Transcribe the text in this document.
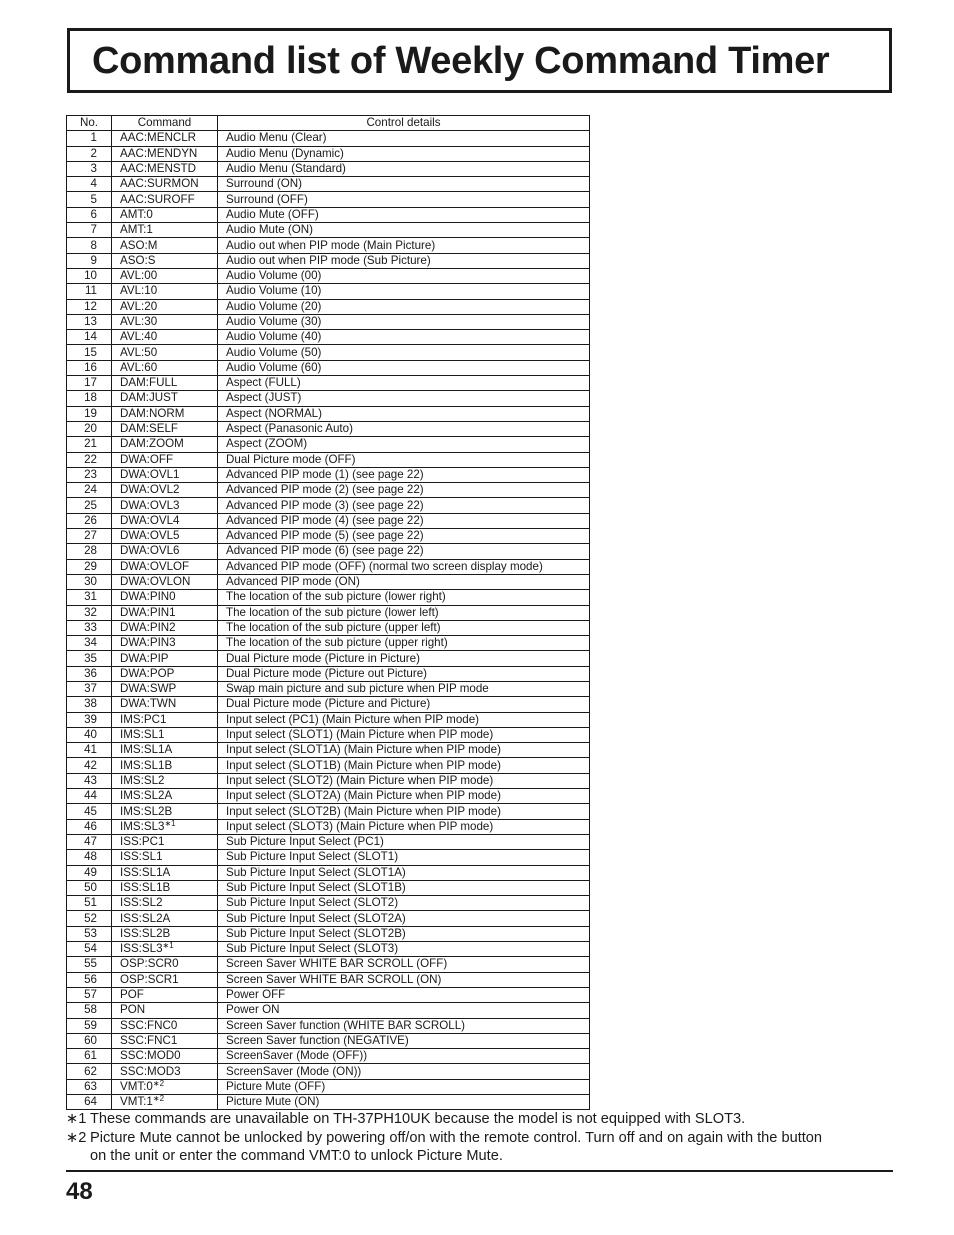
Command list of Weekly Command Timer
No.	Command	Control details
1	AAC:MENCLR	Audio Menu (Clear)
2	AAC:MENDYN	Audio Menu (Dynamic)
3	AAC:MENSTD	Audio Menu (Standard)
4	AAC:SURMON	Surround (ON)
5	AAC:SUROFF	Surround (OFF)
6	AMT:0	Audio Mute (OFF)
7	AMT:1	Audio Mute (ON)
8	ASO:M	Audio out when PIP mode (Main Picture)
9	ASO:S	Audio out when PIP mode (Sub Picture)
10	AVL:00	Audio Volume (00)
11	AVL:10	Audio Volume (10)
12	AVL:20	Audio Volume (20)
13	AVL:30	Audio Volume (30)
14	AVL:40	Audio Volume (40)
15	AVL:50	Audio Volume (50)
16	AVL:60	Audio Volume (60)
17	DAM:FULL	Aspect (FULL)
18	DAM:JUST	Aspect (JUST)
19	DAM:NORM	Aspect (NORMAL)
20	DAM:SELF	Aspect (Panasonic Auto)
21	DAM:ZOOM	Aspect (ZOOM)
22	DWA:OFF	Dual Picture mode (OFF)
23	DWA:OVL1	Advanced PIP mode (1) (see page 22)
24	DWA:OVL2	Advanced PIP mode (2) (see page 22)
25	DWA:OVL3	Advanced PIP mode (3) (see page 22)
26	DWA:OVL4	Advanced PIP mode (4) (see page 22)
27	DWA:OVL5	Advanced PIP mode (5) (see page 22)
28	DWA:OVL6	Advanced PIP mode (6) (see page 22)
29	DWA:OVLOF	Advanced PIP mode (OFF) (normal two screen display mode)
30	DWA:OVLON	Advanced PIP mode (ON)
31	DWA:PIN0	The location of the sub picture (lower right)
32	DWA:PIN1	The location of the sub picture (lower left)
33	DWA:PIN2	The location of the sub picture (upper left)
34	DWA:PIN3	The location of the sub picture (upper right)
35	DWA:PIP	Dual Picture mode (Picture in Picture)
36	DWA:POP	Dual Picture mode (Picture out Picture)
37	DWA:SWP	Swap main picture and sub picture when PIP mode
38	DWA:TWN	Dual Picture mode (Picture and Picture)
39	IMS:PC1	Input select (PC1) (Main Picture when PIP mode)
40	IMS:SL1	Input select (SLOT1) (Main Picture when PIP mode)
41	IMS:SL1A	Input select (SLOT1A) (Main Picture when PIP mode)
42	IMS:SL1B	Input select (SLOT1B) (Main Picture when PIP mode)
43	IMS:SL2	Input select (SLOT2) (Main Picture when PIP mode)
44	IMS:SL2A	Input select (SLOT2A) (Main Picture when PIP mode)
45	IMS:SL2B	Input select (SLOT2B) (Main Picture when PIP mode)
46	IMS:SL3$^{∗1}$	Input select (SLOT3) (Main Picture when PIP mode)
47	ISS:PC1	Sub Picture Input Select (PC1)
48	ISS:SL1	Sub Picture Input Select (SLOT1)
49	ISS:SL1A	Sub Picture Input Select (SLOT1A)
50	ISS:SL1B	Sub Picture Input Select (SLOT1B)
51	ISS:SL2	Sub Picture Input Select (SLOT2)
52	ISS:SL2A	Sub Picture Input Select (SLOT2A)
53	ISS:SL2B	Sub Picture Input Select (SLOT2B)
54	ISS:SL3$^{∗1}$	Sub Picture Input Select (SLOT3)
55	OSP:SCR0	Screen Saver WHITE BAR SCROLL (OFF)
56	OSP:SCR1	Screen Saver WHITE BAR SCROLL (ON)
57	POF	Power OFF
58	PON	Power ON
59	SSC:FNC0	Screen Saver function (WHITE BAR SCROLL)
60	SSC:FNC1	Screen Saver function (NEGATIVE)
61	SSC:MOD0	ScreenSaver (Mode (OFF))
62	SSC:MOD3	ScreenSaver (Mode (ON))
63	VMT:0$^{∗2}$	Picture Mute (OFF)
64	VMT:1$^{∗2}$	Picture Mute (ON)
∗1 These commands are unavailable on TH-37PH10UK because the model is not equipped with SLOT3.
∗2 Picture Mute cannot be unlocked by powering off/on with the remote control. Turn off and on again with the button
on the unit or enter the command VMT:0 to unlock Picture Mute.
48
